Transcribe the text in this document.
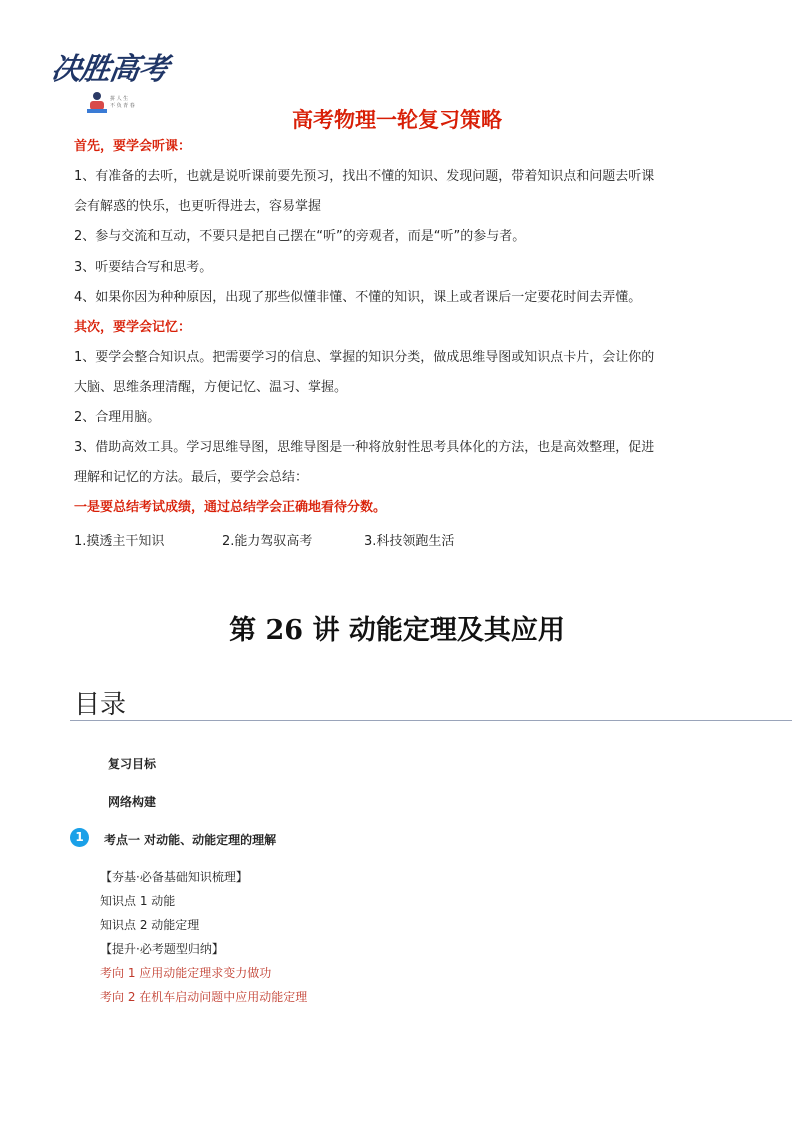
决胜高考
拼 人 生
不 负 青 春
高考物理一轮复习策略
首先，要学会听课：
1、有准备的去听，也就是说听课前要先预习，找出不懂的知识、发现问题，带着知识点和问题去听课
会有解惑的快乐，也更听得进去，容易掌握
2、参与交流和互动，不要只是把自己摆在“听”的旁观者，而是“听”的参与者。
3、听要结合写和思考。
4、如果你因为种种原因，出现了那些似懂非懂、不懂的知识，课上或者课后一定要花时间去弄懂。
其次，要学会记忆：
1、要学会整合知识点。把需要学习的信息、掌握的知识分类，做成思维导图或知识点卡片，会让你的
大脑、思维条理清醒，方便记忆、温习、掌握。
2、合理用脑。
3、借助高效工具。学习思维导图，思维导图是一种将放射性思考具体化的方法，也是高效整理，促进
理解和记忆的方法。最后，要学会总结：
一是要总结考试成绩，通过总结学会正确地看待分数。
1.摸透主干知识	2.能力驾驭高考	3.科技领跑生活
第 26 讲 动能定理及其应用
目录
复习目标
网络构建
1	考点一 对动能、动能定理的理解
【夯基·必备基础知识梳理】
知识点 1 动能
知识点 2 动能定理
【提升·必考题型归纳】
考向 1 应用动能定理求变力做功
考向 2 在机车启动问题中应用动能定理
